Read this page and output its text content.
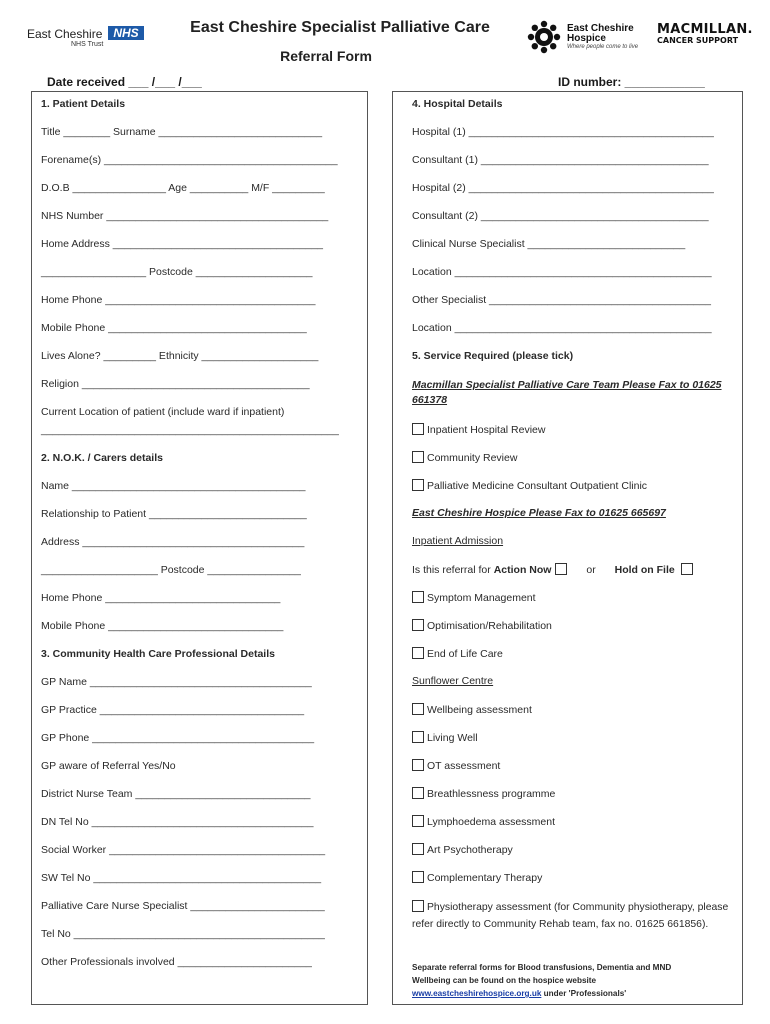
East Cheshire NHS
NHS Trust
East Cheshire Specialist Palliative Care
Referral Form
East Cheshire
Hospice
Where people come to live
MACMILLAN.
CANCER SUPPORT
Date received ___ /___ /___	ID number: ____________
1. Patient Details
Title ________ Surname ____________________________
Forename(s) ________________________________________
D.O.B ________________ Age __________ M/F _________
NHS Number ______________________________________
Home Address ____________________________________
__________________ Postcode ____________________
Home Phone ____________________________________
Mobile Phone __________________________________
Lives Alone? _________ Ethnicity ____________________
Religion _______________________________________
Current Location of patient (include ward if inpatient)
___________________________________________________
2. N.O.K. / Carers details
Name ________________________________________
Relationship to Patient ___________________________
Address ______________________________________
____________________ Postcode ________________
Home Phone ______________________________
Mobile Phone ______________________________
3. Community Health Care Professional Details
GP Name ______________________________________
GP Practice ___________________________________
GP Phone ______________________________________
GP aware of Referral Yes/No
District Nurse Team ______________________________
DN Tel No ______________________________________
Social Worker _____________________________________
SW Tel No _______________________________________
Palliative Care Nurse Specialist _______________________
Tel No ___________________________________________
Other Professionals involved _______________________
4. Hospital Details
Hospital (1) __________________________________________
Consultant (1) _______________________________________
Hospital (2) __________________________________________
Consultant (2) _______________________________________
Clinical Nurse Specialist ___________________________
Location ____________________________________________
Other Specialist ______________________________________
Location ____________________________________________
5. Service Required (please tick)
Macmillan Specialist Palliative Care Team Please Fax to 01625 661378
Inpatient Hospital Review
Community Review
Palliative Medicine Consultant Outpatient Clinic
East Cheshire Hospice Please Fax to 01625 665697
Inpatient Admission
Is this referral for Action Now	or Hold on File
Symptom Management
Optimisation/Rehabilitation
End of Life Care
Sunflower Centre
Wellbeing assessment
Living Well
OT assessment
Breathlessness programme
Lymphoedema assessment
Art Psychotherapy
Complementary Therapy
Physiotherapy assessment (for Community physiotherapy, please refer directly to Community Rehab team, fax no. 01625 661856).
Separate referral forms for Blood transfusions, Dementia and MND
Wellbeing can be found on the hospice website
www.eastcheshirehospice.org.uk under 'Professionals'
